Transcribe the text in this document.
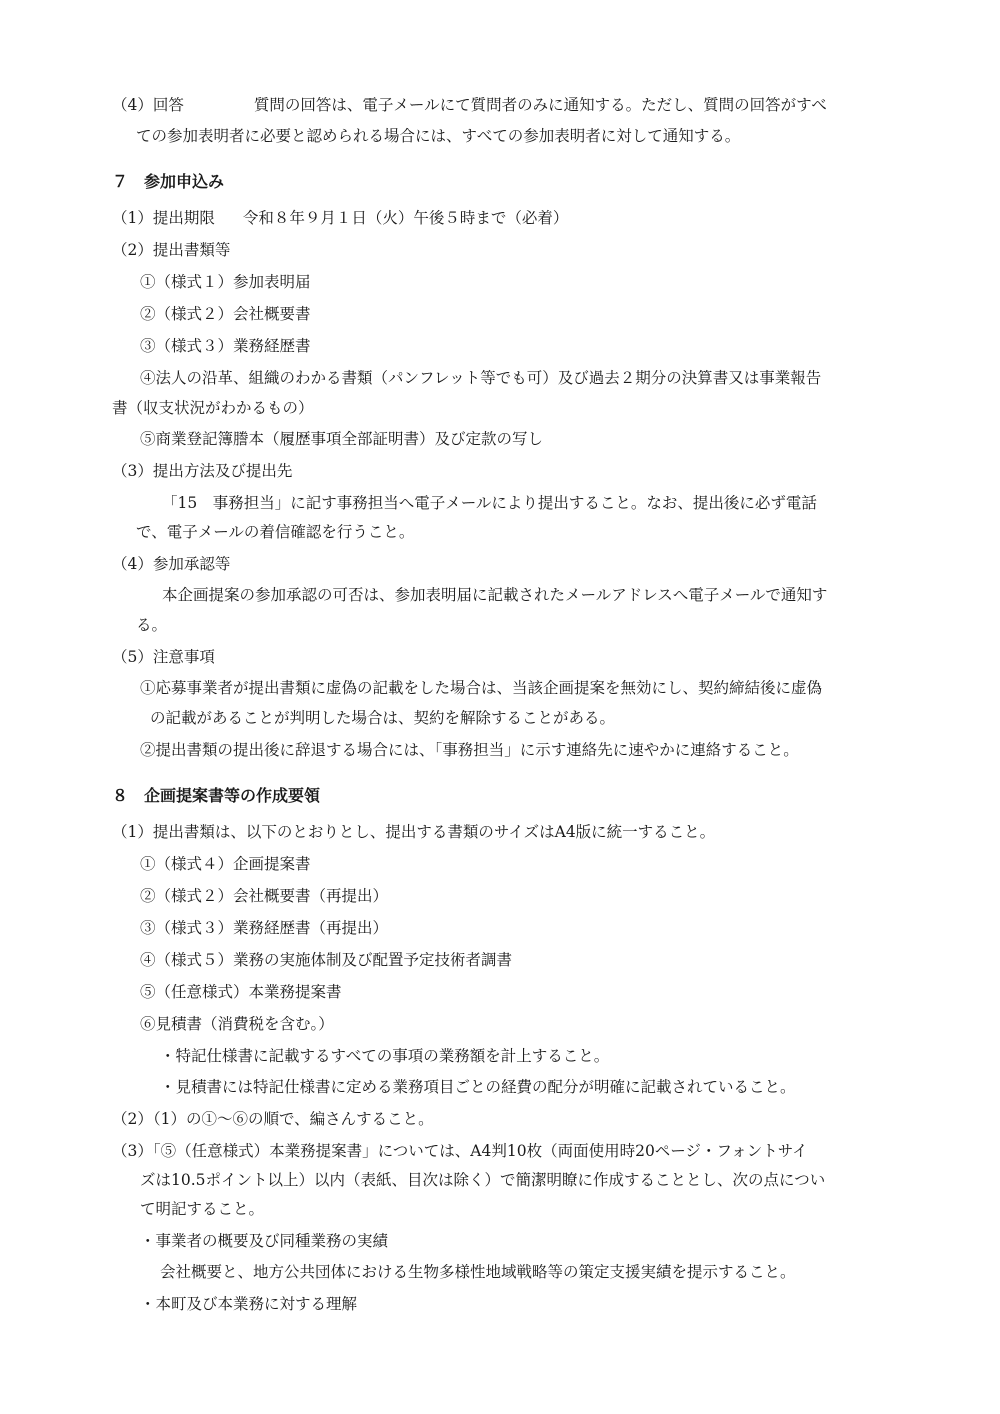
（4）回答	質問の回答は、電子メールにて質問者のみに通知する。ただし、質問の回答がすべ
ての参加表明者に必要と認められる場合には、すべての参加表明者に対して通知する。
７　参加申込み
（1）提出期限 令和８年９月１日（火）午後５時まで（必着）
（2）提出書類等
①（様式１）参加表明届
②（様式２）会社概要書
③（様式３）業務経歴書
④法人の沿革、組織のわかる書類（パンフレット等でも可）及び過去２期分の決算書又は事業報告
書（収支状況がわかるもの）
⑤商業登記簿謄本（履歴事項全部証明書）及び定款の写し
（3）提出方法及び提出先
「15　事務担当」に記す事務担当へ電子メールにより提出すること。なお、提出後に必ず電話
で、電子メールの着信確認を行うこと。
（4）参加承認等
本企画提案の参加承認の可否は、参加表明届に記載されたメールアドレスへ電子メールで通知す
る。
（5）注意事項
①応募事業者が提出書類に虚偽の記載をした場合は、当該企画提案を無効にし、契約締結後に虚偽
の記載があることが判明した場合は、契約を解除することがある。
②提出書類の提出後に辞退する場合には、「事務担当」に示す連絡先に速やかに連絡すること。
８　企画提案書等の作成要領
（1）提出書類は、以下のとおりとし、提出する書類のサイズはA4版に統一すること。
①（様式４）企画提案書
②（様式２）会社概要書（再提出）
③（様式３）業務経歴書（再提出）
④（様式５）業務の実施体制及び配置予定技術者調書
⑤（任意様式）本業務提案書
⑥見積書（消費税を含む。）
・特記仕様書に記載するすべての事項の業務額を計上すること。
・見積書には特記仕様書に定める業務項目ごとの経費の配分が明確に記載されていること。
（2）（1）の①～⑥の順で、編さんすること。
（3）「⑤（任意様式）本業務提案書」については、A4判10枚（両面使用時20ページ・フォントサイ
ズは10.5ポイント以上）以内（表紙、目次は除く）で簡潔明瞭に作成することとし、次の点につい
て明記すること。
・事業者の概要及び同種業務の実績
会社概要と、地方公共団体における生物多様性地域戦略等の策定支援実績を提示すること。
・本町及び本業務に対する理解
